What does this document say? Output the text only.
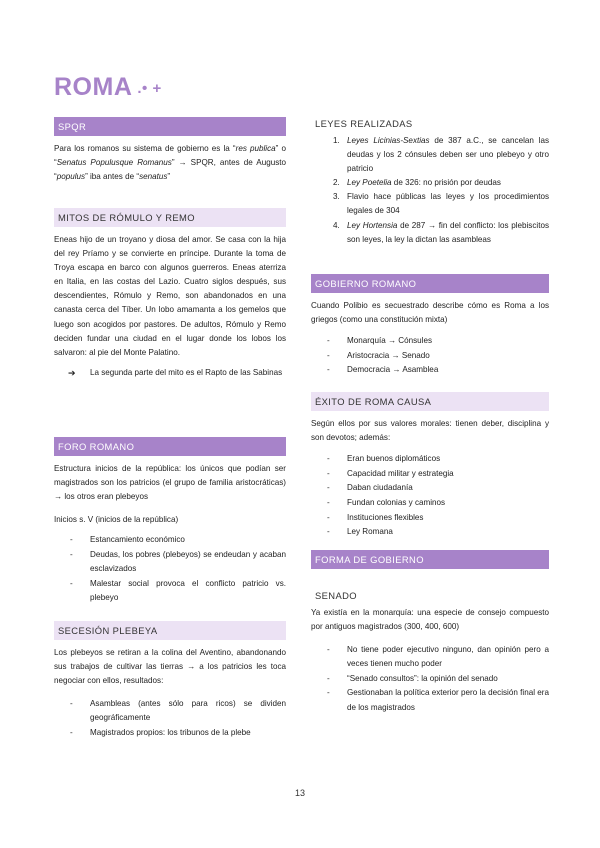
ROMA .• +
SPQR

Para los romanos su sistema de gobierno es la “res publica” o “Senatus Populusque Romanus” → SPQR, antes de Augusto “populus” iba antes de “senatus”

MITOS DE RÓMULO Y REMO

Eneas hijo de un troyano y diosa del amor. Se casa con la hija del rey Príamo y se convierte en príncipe. Durante la toma de Troya escapa en barco con algunos guerreros. Eneas aterriza en Italia, en las costas del Lazio. Cuatro siglos después, sus descendientes, Rómulo y Remo, son abandonados en una canasta cerca del Tíber. Un lobo amamanta a los gemelos que luego son acogidos por pastores. De adultos, Rómulo y Remo deciden fundar una ciudad en el lugar donde los lobos los salvaron: al pie del Monte Palatino.

➔ La segunda parte del mito es el Rapto de las Sabinas
FORO ROMANO

Estructura inicios de la república: los únicos que podían ser magistrados son los patricios (el grupo de familia aristocráticas) → los otros eran plebeyos

Inicios s. V (inicios de la república)

- Estancamiento económico
- Deudas, los pobres (plebeyos) se endeudan y acaban esclavizados
- Malestar social provoca el conflicto patricio vs. plebeyo
SECESIÓN PLEBEYA

Los plebeyos se retiran a la colina del Aventino, abandonando sus trabajos de cultivar las tierras → a los patricios les toca negociar con ellos, resultados:

- Asambleas (antes sólo para ricos) se dividen geográficamente
- Magistrados propios: los tribunos de la plebe
LEYES REALIZADAS
1. Leyes Licinias-Sextias de 387 a.C., se cancelan las deudas y los 2 cónsules deben ser uno plebeyo y otro patricio
2. Ley Poetelia de 326: no prisión por deudas
3. Flavio hace públicas las leyes y los procedimientos legales de 304
4. Ley Hortensia de 287 → fin del conflicto: los plebiscitos son leyes, la ley la dictan las asambleas
GOBIERNO ROMANO

Cuando Polibio es secuestrado describe cómo es Roma a los griegos (como una constitución mixta)

- Monarquía → Cónsules
- Aristocracia → Senado
- Democracia → Asamblea
ÉXITO DE ROMA CAUSA

Según ellos por sus valores morales: tienen deber, disciplina y son devotos; además:

- Eran buenos diplomáticos
- Capacidad militar y estrategia
- Daban ciudadanía
- Fundan colonias y caminos
- Instituciones flexibles
- Ley Romana
FORMA DE GOBIERNO
SENADO

Ya existía en la monarquía: una especie de consejo compuesto por antiguos magistrados (300, 400, 600)

- No tiene poder ejecutivo ninguno, dan opinión pero a veces tienen mucho poder
- “Senado consultos”: la opinión del senado
- Gestionaban la política exterior pero la decisión final era de los magistrados
13
